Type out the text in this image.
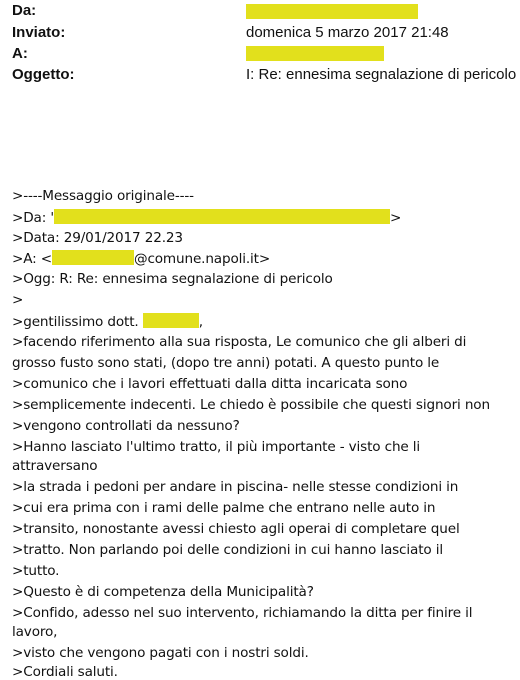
Da:
Inviato:	domenica 5 marzo 2017 21:48
A:
Oggetto:	I: Re: ennesima segnalazione di pericolo
>----Messaggio originale----
>Da: '	>
>Data: 29/01/2017 22.23
>A: <	@comune.napoli.it>
>Ogg: R: Re: ennesima segnalazione di pericolo
>
>gentilissimo dott.	,
>facendo riferimento alla sua risposta, Le comunico che gli alberi di
grosso fusto sono stati, (dopo tre anni) potati. A questo punto le
>comunico che i lavori effettuati dalla ditta incaricata sono
>semplicemente indecenti. Le chiedo è possibile che questi signori non
>vengono controllati da nessuno?
>Hanno lasciato l'ultimo tratto, il più importante - visto che li
attraversano
>la strada i pedoni per andare in piscina- nelle stesse condizioni in
>cui era prima con i rami delle palme che entrano nelle auto in
>transito, nonostante avessi chiesto agli operai di completare quel
>tratto. Non parlando poi delle condizioni in cui hanno lasciato il
>tutto.
>Questo è di competenza della Municipalità?
>Confido, adesso nel suo intervento, richiamando la ditta per finire il
lavoro,
>visto che vengono pagati con i nostri soldi.
>Cordiali saluti.
